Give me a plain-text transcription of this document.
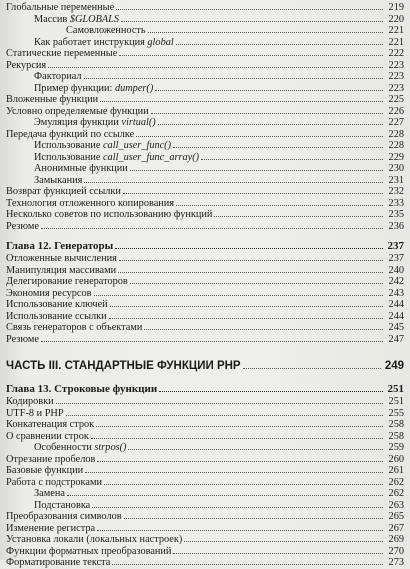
Глобальные переменные	219
Массив $GLOBALS	220
Самовложенность	221
Как работает инструкция global	221
Статические переменные	222
Рекурсия	223
Факториал	223
Пример функции: dumper()	223
Вложенные функции	225
Условно определяемые функции	226
Эмуляция функции virtual()	227
Передача функций по ссылке	228
Использование call_user_func()	228
Использование call_user_func_array()	229
Анонимные функции	230
Замыкания	231
Возврат функцией ссылки	232
Технология отложенного копирования	233
Несколько советов по использованию функций	235
Резюме	236
Глава 12. Генераторы	237
Отложенные вычисления	237
Манипуляция массивами	240
Делегирование генераторов	242
Экономия ресурсов	243
Использование ключей	244
Использование ссылки	244
Связь генераторов с объектами	245
Резюме	247
ЧАСТЬ III. СТАНДАРТНЫЕ ФУНКЦИИ PHP	249
Глава 13. Строковые функции	251
Кодировки	251
UTF-8 и PHP	255
Конкатенация строк	258
О сравнении строк	258
Особенности strpos()	259
Отрезание пробелов	260
Базовые функции	261
Работа с подстроками	262
Замена	262
Подстановка	263
Преобразования символов	265
Изменение регистра	267
Установка локали (локальных настроек)	269
Функции форматных преобразований	270
Форматирование текста	273
